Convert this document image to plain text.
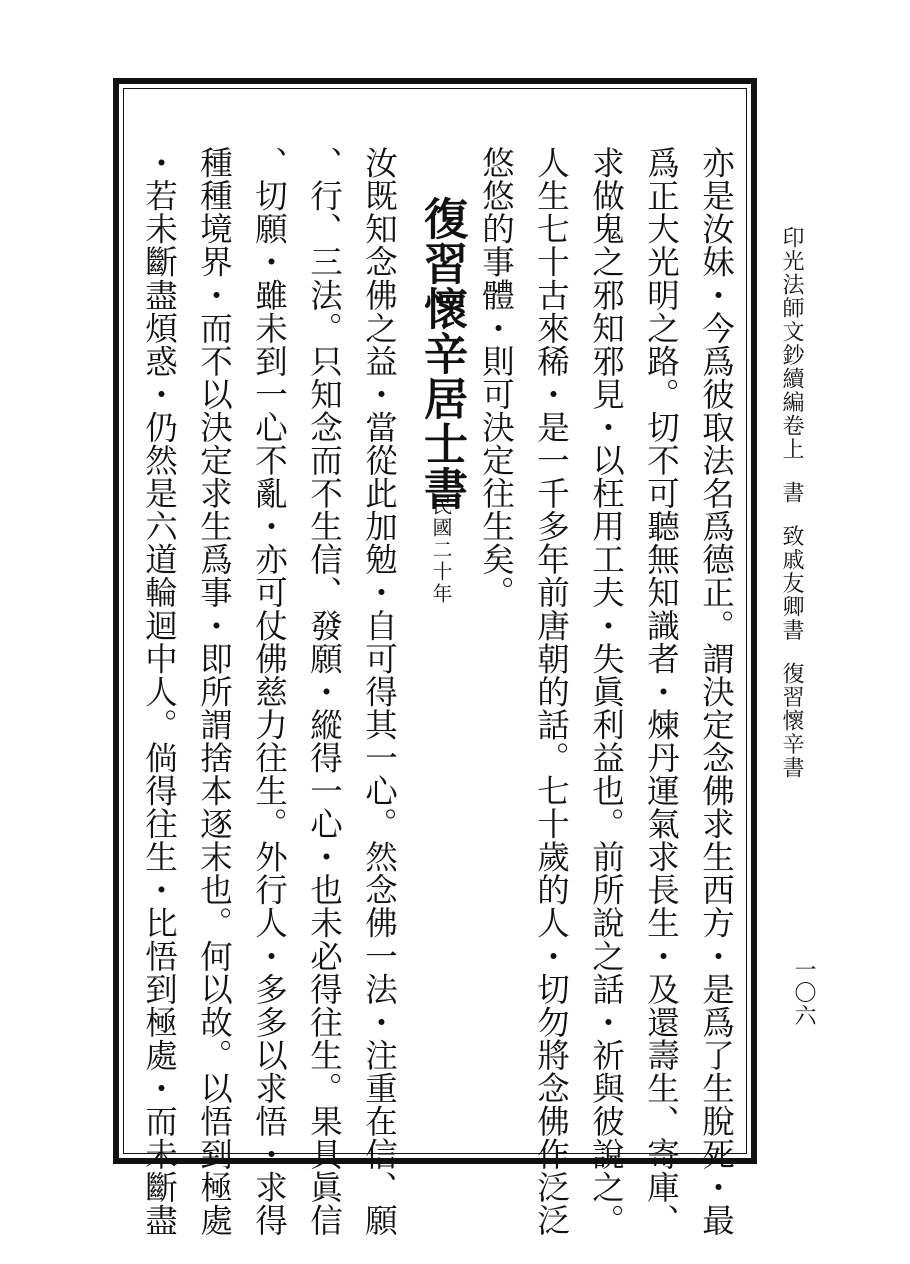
印光法師文鈔續編卷上書致戚友卿書復習懷辛書
一〇六
亦是汝妹・今爲彼取法名爲德正。謂決定念佛求生西方・是爲了生脫死・最
爲正大光明之路。切不可聽無知識者・煉丹運氣求長生・及還壽生、寄庫、
求做鬼之邪知邪見・以枉用工夫・失眞利益也。前所說之話・祈與彼說之。
人生七十古來稀・是一千多年前唐朝的話。七十歲的人・切勿將念佛作泛泛
悠悠的事體・則可決定往生矣。
復習懷辛居士書
民國二十年
汝既知念佛之益・當從此加勉・自可得其一心。然念佛一法・注重在信、願
、行、三法。只知念而不生信、發願・縱得一心・也未必得往生。果具眞信
、切願・雖未到一心不亂・亦可仗佛慈力往生。外行人・多多以求悟・求得
種種境界・而不以決定求生爲事・即所謂捨本逐末也。何以故。以悟到極處
・若未斷盡煩惑・仍然是六道輪迴中人。倘得往生・比悟到極處・而未斷盡
